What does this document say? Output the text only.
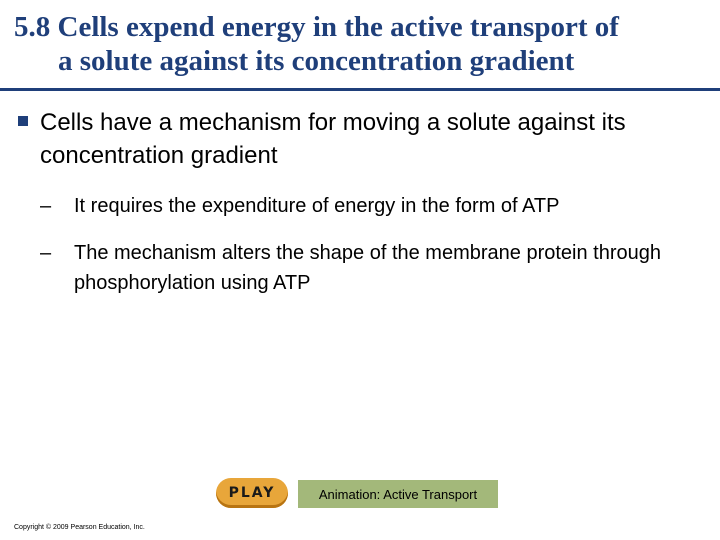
5.8 Cells expend energy in the active transport of
a solute against its concentration gradient
Cells have a mechanism for moving a solute against its concentration gradient
–	It requires the expenditure of energy in the form of ATP
–	The mechanism alters the shape of the membrane protein through phosphorylation using ATP
PLAY	Animation: Active Transport
Copyright © 2009 Pearson Education, Inc.
